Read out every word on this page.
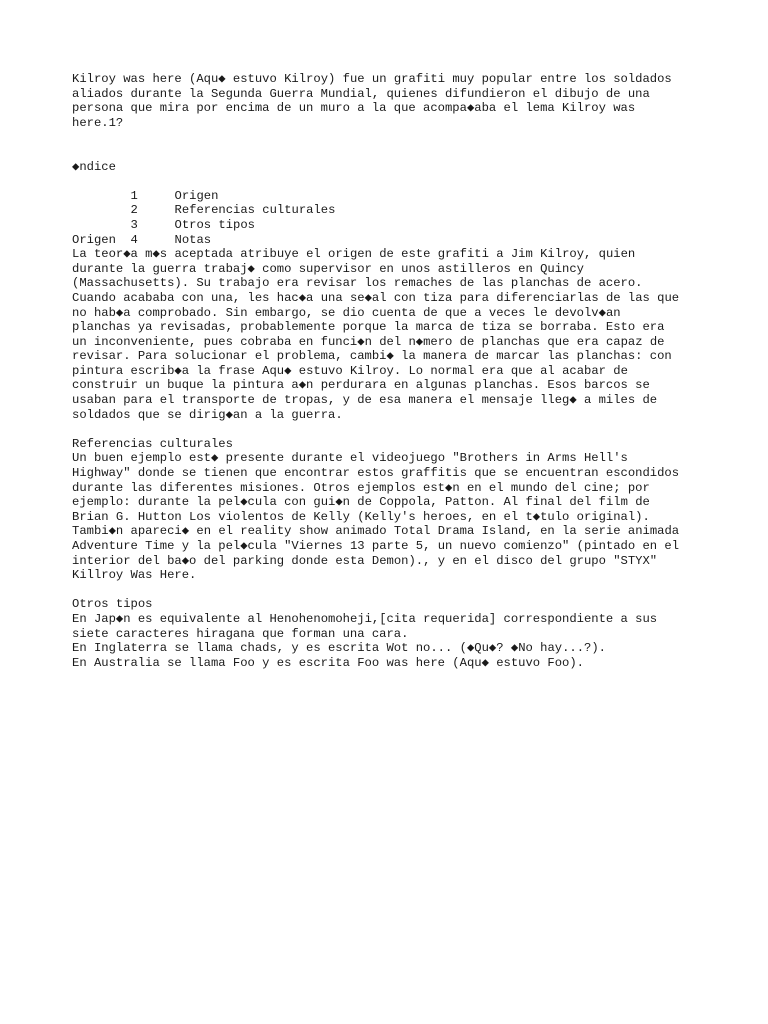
Kilroy was here (Aqu◆ estuvo Kilroy) fue un grafiti muy popular entre los soldados
aliados durante la Segunda Guerra Mundial, quienes difundieron el dibujo de una
persona que mira por encima de un muro a la que acompa◆aba el lema Kilroy was
here.1?
◆ndice

1	Origen

2	Referencias culturales

3	Otros tipos

4	Notas

Origen
La teor◆a m◆s aceptada atribuye el origen de este grafiti a Jim Kilroy, quien
durante la guerra trabaj◆ como supervisor en unos astilleros en Quincy
(Massachusetts). Su trabajo era revisar los remaches de las planchas de acero.
Cuando acababa con una, les hac◆a una se◆al con tiza para diferenciarlas de las que
no hab◆a comprobado. Sin embargo, se dio cuenta de que a veces le devolv◆an
planchas ya revisadas, probablemente porque la marca de tiza se borraba. Esto era
un inconveniente, pues cobraba en funci◆n del n◆mero de planchas que era capaz de
revisar. Para solucionar el problema, cambi◆ la manera de marcar las planchas: con
pintura escrib◆a la frase Aqu◆ estuvo Kilroy. Lo normal era que al acabar de
construir un buque la pintura a◆n perdurara en algunas planchas. Esos barcos se
usaban para el transporte de tropas, y de esa manera el mensaje lleg◆ a miles de
soldados que se dirig◆an a la guerra.
Referencias culturales
Un buen ejemplo est◆ presente durante el videojuego "Brothers in Arms Hell's
Highway" donde se tienen que encontrar estos graffitis que se encuentran escondidos
durante las diferentes misiones. Otros ejemplos est◆n en el mundo del cine; por
ejemplo: durante la pel◆cula con gui◆n de Coppola, Patton. Al final del film de
Brian G. Hutton Los violentos de Kelly (Kelly's heroes, en el t◆tulo original).
Tambi◆n apareci◆ en el reality show animado Total Drama Island, en la serie animada
Adventure Time y la pel◆cula "Viernes 13 parte 5, un nuevo comienzo" (pintado en el
interior del ba◆o del parking donde esta Demon)., y en el disco del grupo "STYX"
Killroy Was Here.
Otros tipos
En Jap◆n es equivalente al Henohenomoheji,[cita requerida] correspondiente a sus
siete caracteres hiragana que forman una cara.
En Inglaterra se llama chads, y es escrita Wot no... (◆Qu◆? ◆No hay...?).
En Australia se llama Foo y es escrita Foo was here (Aqu◆ estuvo Foo).
